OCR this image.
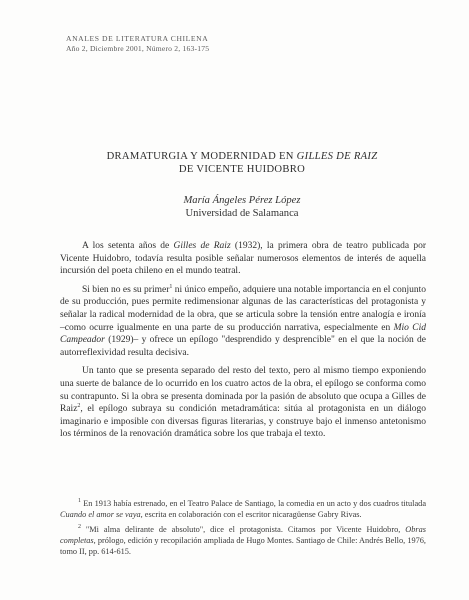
ANALES DE LITERATURA CHILENA
Año 2, Diciembre 2001, Número 2, 163-175
DRAMATURGIA Y MODERNIDAD EN GILLES DE RAIZ
DE VICENTE HUIDOBRO
María Ángeles Pérez López
Universidad de Salamanca

A los setenta años de Gilles de Raiz (1932), la primera obra de teatro publicada por Vicente Huidobro, todavía resulta posible señalar numerosos elementos de interés de aquella incursión del poeta chileno en el mundo teatral.

Si bien no es su primer$^1$ ni único empeño, adquiere una notable importancia en el conjunto de su producción, pues permite redimensionar algunas de las características del protagonista y señalar la radical modernidad de la obra, que se articula sobre la tensión entre analogía e ironía –como ocurre igualmente en una parte de su producción narrativa, especialmente en Mio Cid Campeador (1929)– y ofrece un epílogo "desprendido y desprencible" en el que la noción de autorreflexividad resulta decisiva.

Un tanto que se presenta separado del resto del texto, pero al mismo tiempo exponiendo una suerte de balance de lo ocurrido en los cuatro actos de la obra, el epílogo se conforma como su contrapunto. Si la obra se presenta dominada por la pasión de absoluto que ocupa a Gilles de Raiz$^2$, el epílogo subraya su condición metadramática: sitúa al protagonista en un diálogo imaginario e imposible con diversas figuras literarias, y construye bajo el inmenso antetonismo los términos de la renovación dramática sobre los que trabaja el texto.

$^1$ En 1913 había estrenado, en el Teatro Palace de Santiago, la comedia en un acto y dos cuadros titulada Cuando el amor se vaya, escrita en colaboración con el escritor nicaragüense Gabry Rivas.

$^2$ "Mi alma delirante de absoluto", dice el protagonista. Citamos por Vicente Huidobro, Obras completas, prólogo, edición y recopilación ampliada de Hugo Montes. Santiago de Chile: Andrés Bello, 1976, tomo II, pp. 614-615.
